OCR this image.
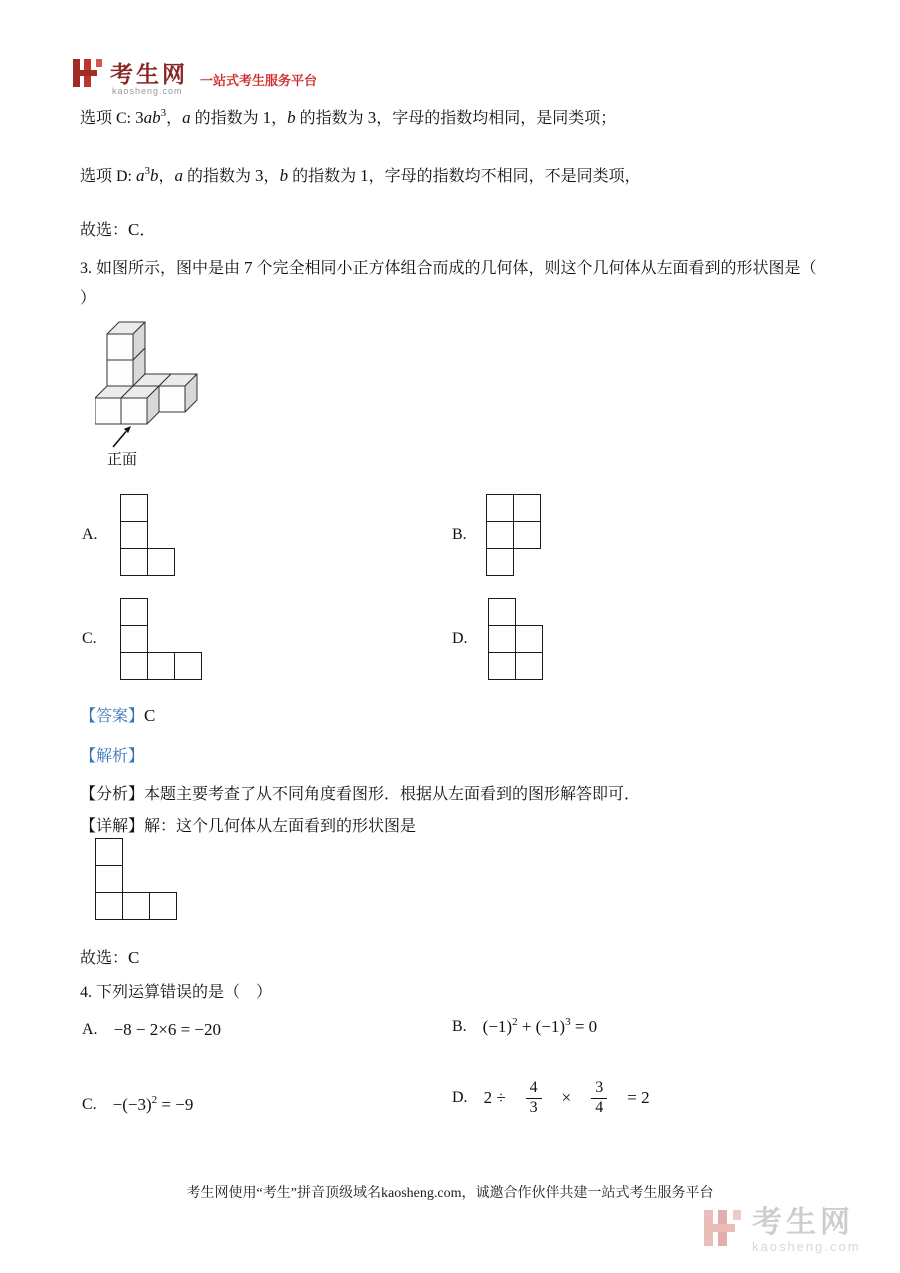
考生网
kaosheng.com
一站式考生服务平台

选项 C: $3ab^3$，a 的指数为 1，b 的指数为 3，字母的指数均相同，是同类项；

选项 D: $a^3b$，a 的指数为 3，b 的指数为 1，字母的指数均不相同，不是同类项，

故选：C．

3. 如图所示，图中是由 7 个完全相同小正方体组合而成的几何体，则这个几何体从左面看到的形状图是（

）

正面
A.	B.
C.	D.

【答案】C

【解析】

【分析】本题主要考查了从不同角度看图形．根据从左面看到的图形解答即可．

【详解】解：这个几何体从左面看到的形状图是

故选：C

4. 下列运算错误的是（　）

A. −8 − 2×6 = −20	B. $(-1)^2 + (-1)^3 = 0$
C. $-(-3)^2 = -9$	D. $2 \div \frac{4}{3} \times \frac{3}{4} = 2$
考生网使用“考生”拼音顶级域名kaosheng.com，诚邀合作伙伴共建一站式考生服务平台
考生网
kaosheng.com
